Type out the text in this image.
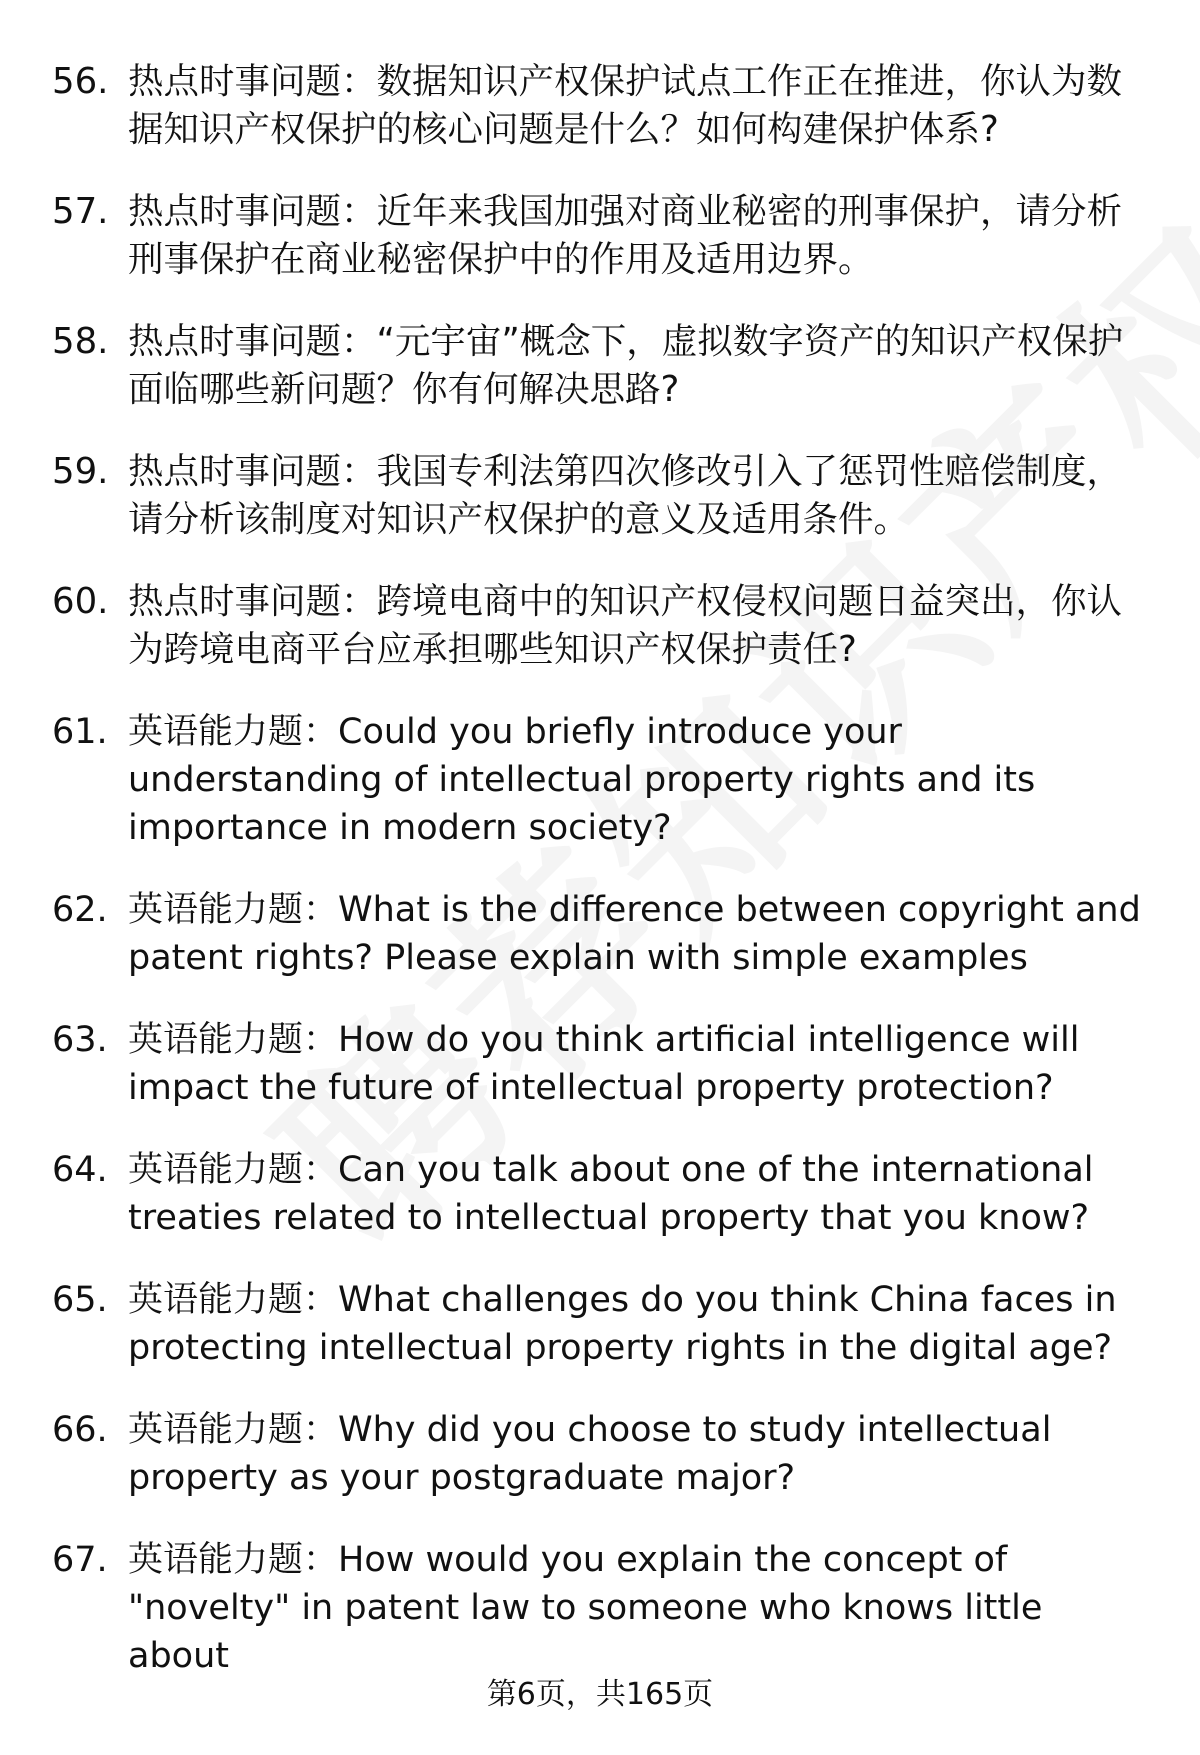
56. 热点时事问题：数据知识产权保护试点工作正在推进，你认为数据知识产权保护的核心问题是什么？如何构建保护体系?
57. 热点时事问题：近年来我国加强对商业秘密的刑事保护，请分析刑事保护在商业秘密保护中的作用及适用边界。
58. 热点时事问题：“元宇宙”概念下，虚拟数字资产的知识产权保护面临哪些新问题？你有何解决思路?
59. 热点时事问题：我国专利法第四次修改引入了惩罚性赔偿制度，请分析该制度对知识产权保护的意义及适用条件。
60. 热点时事问题：跨境电商中的知识产权侵权问题日益突出，你认为跨境电商平台应承担哪些知识产权保护责任?
61. 英语能力题：Could you briefly introduce your understanding of intellectual property rights and its importance in modern society?
62. 英语能力题：What is the difference between copyright and patent rights? Please explain with simple examples
63. 英语能力题：How do you think artificial intelligence will impact the future of intellectual property protection?
64. 英语能力题：Can you talk about one of the international treaties related to intellectual property that you know?
65. 英语能力题：What challenges do you think China faces in protecting intellectual property rights in the digital age?
66. 英语能力题：Why did you choose to study intellectual property as your postgraduate major?
67. 英语能力题：How would you explain the concept of "novelty" in patent law to someone who knows little about
第6页，共165页
